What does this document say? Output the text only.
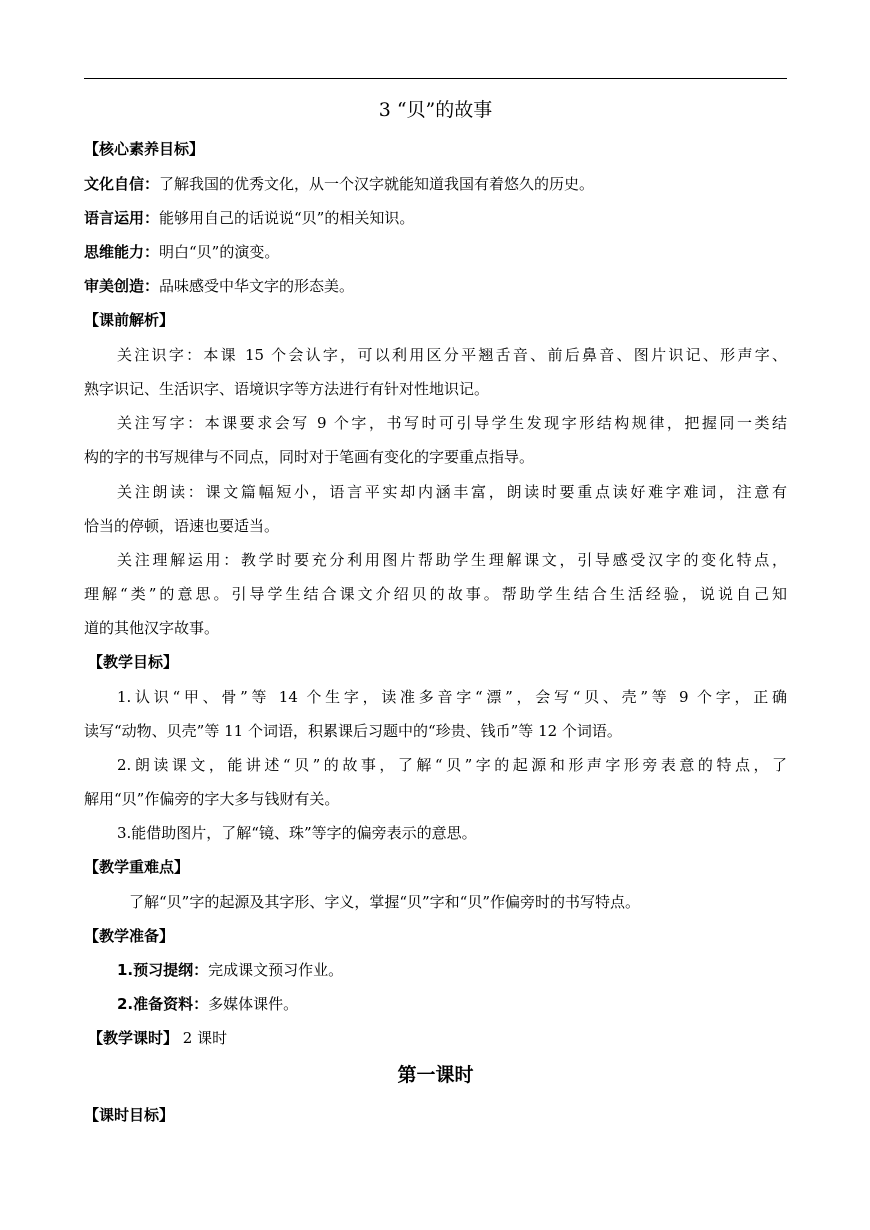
3 “贝”的故事
【核心素养目标】
文化自信：了解我国的优秀文化，从一个汉字就能知道我国有着悠久的历史。
语言运用：能够用自己的话说说“贝”的相关知识。
思维能力：明白“贝”的演变。
审美创造：品味感受中华文字的形态美。
【课前解析】
关注识字：本课 15 个会认字，可以利用区分平翘舌音、前后鼻音、图片识记、形声字、
熟字识记、生活识字、语境识字等方法进行有针对性地识记。
关注写字：本课要求会写 9 个字，书写时可引导学生发现字形结构规律，把握同一类结
构的字的书写规律与不同点，同时对于笔画有变化的字要重点指导。
关注朗读：课文篇幅短小，语言平实却内涵丰富，朗读时要重点读好难字难词，注意有
恰当的停顿，语速也要适当。
关注理解运用：教学时要充分利用图片帮助学生理解课文，引导感受汉字的变化特点，
理解“类”的意思。引导学生结合课文介绍贝的故事。帮助学生结合生活经验，说说自己知
道的其他汉字故事。
【教学目标】
1.认识“甲、骨”等 14 个生字，读准多音字“漂”，会写“贝、壳”等 9 个字，正确
读写“动物、贝壳”等 11 个词语，积累课后习题中的“珍贵、钱币”等 12 个词语。
2.朗读课文，能讲述“贝”的故事，了解“贝”字的起源和形声字形旁表意的特点，了
解用“贝”作偏旁的字大多与钱财有关。
3.能借助图片，了解“镜、珠”等字的偏旁表示的意思。
【教学重难点】
了解“贝”字的起源及其字形、字义，掌握“贝”字和“贝”作偏旁时的书写特点。
【教学准备】
1.预习提纲：完成课文预习作业。
2.准备资料：多媒体课件。
【教学课时】 2 课时
第一课时
【课时目标】
